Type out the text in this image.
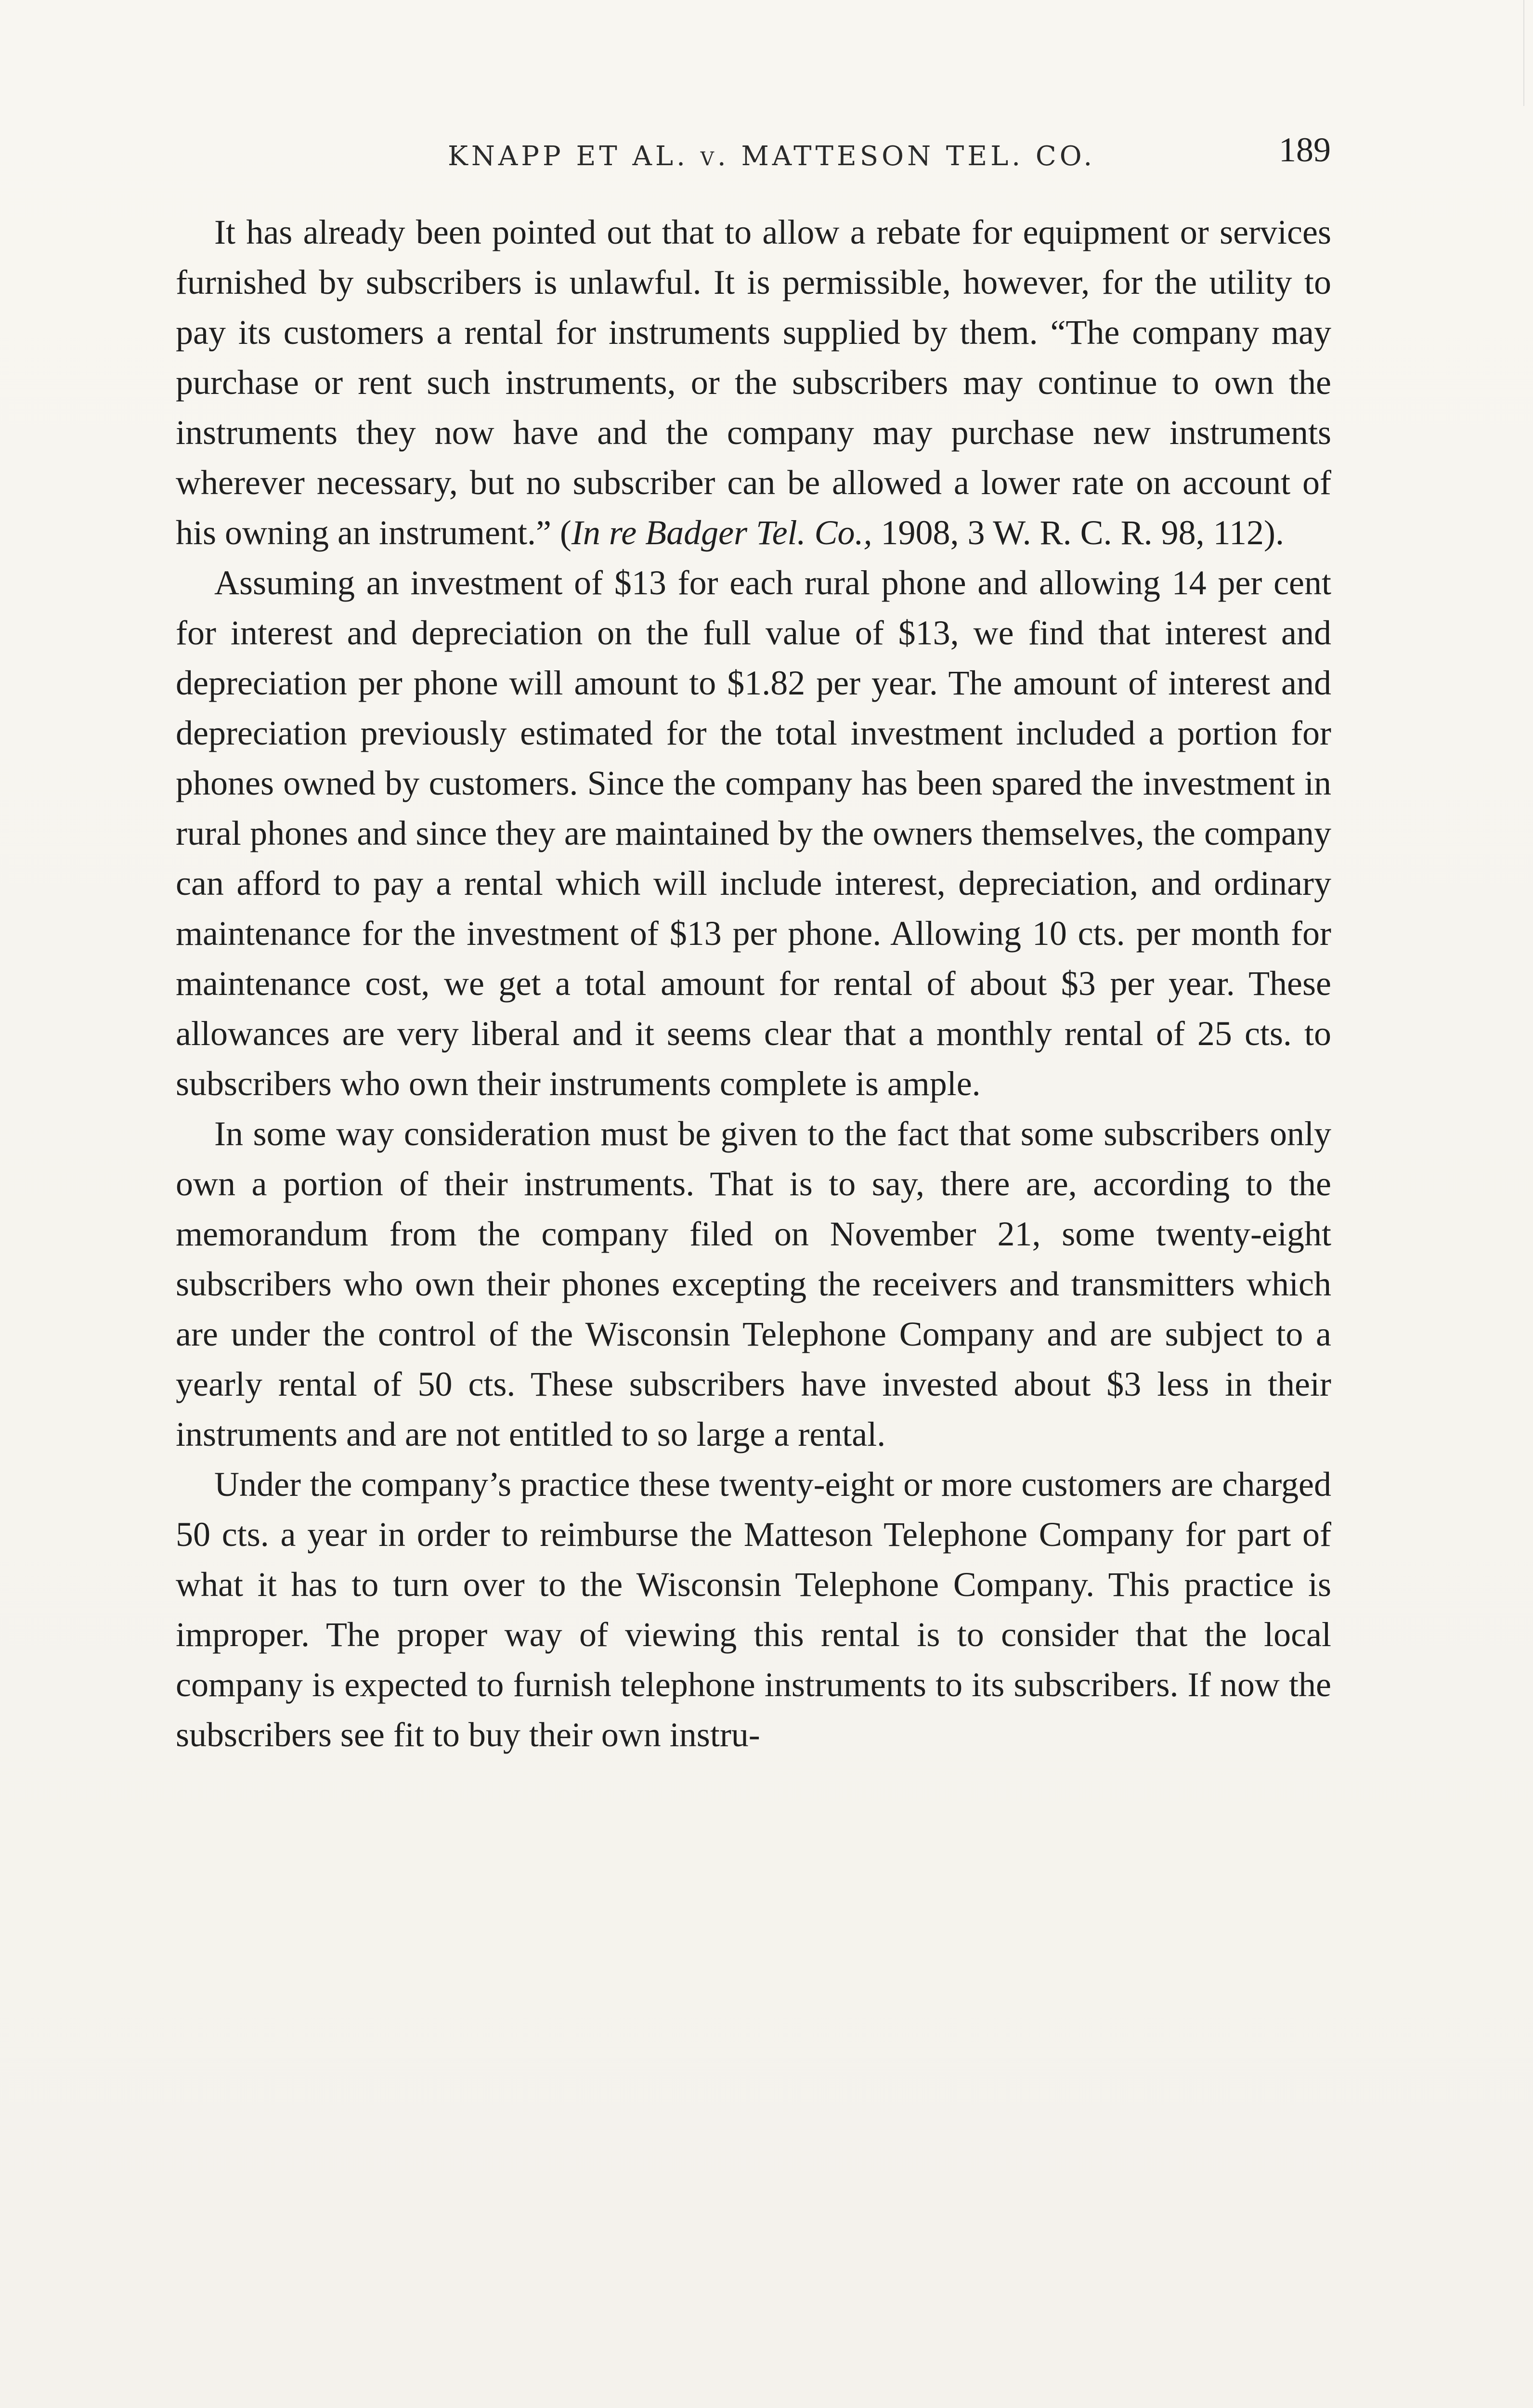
KNAPP ET AL. v. MATTESON TEL. CO.	189

It has already been pointed out that to allow a rebate for equipment or services furnished by subscribers is unlawful. It is permissible, however, for the utility to pay its customers a rental for instruments supplied by them. “The company may purchase or rent such instruments, or the subscribers may continue to own the instruments they now have and the company may purchase new instruments wherever necessary, but no subscriber can be allowed a lower rate on account of his owning an instrument.” (In re Badger Tel. Co., 1908, 3 W. R. C. R. 98, 112).

Assuming an investment of $13 for each rural phone and allowing 14 per cent for interest and depreciation on the full value of $13, we find that interest and depreciation per phone will amount to $1.82 per year. The amount of interest and depreciation previously estimated for the total investment included a portion for phones owned by customers. Since the company has been spared the investment in rural phones and since they are maintained by the owners themselves, the company can afford to pay a rental which will include interest, depreciation, and ordinary maintenance for the investment of $13 per phone. Allowing 10 cts. per month for maintenance cost, we get a total amount for rental of about $3 per year. These allowances are very liberal and it seems clear that a monthly rental of 25 cts. to subscribers who own their instruments complete is ample.

In some way consideration must be given to the fact that some subscribers only own a portion of their instruments. That is to say, there are, according to the memorandum from the company filed on November 21, some twenty-eight subscribers who own their phones excepting the receivers and transmitters which are under the control of the Wisconsin Telephone Company and are subject to a yearly rental of 50 cts. These subscribers have invested about $3 less in their instruments and are not entitled to so large a rental.

Under the company’s practice these twenty-eight or more customers are charged 50 cts. a year in order to reimburse the Matteson Telephone Company for part of what it has to turn over to the Wisconsin Telephone Company. This practice is improper. The proper way of viewing this rental is to consider that the local company is expected to furnish telephone instruments to its subscribers. If now the subscribers see fit to buy their own instru-
